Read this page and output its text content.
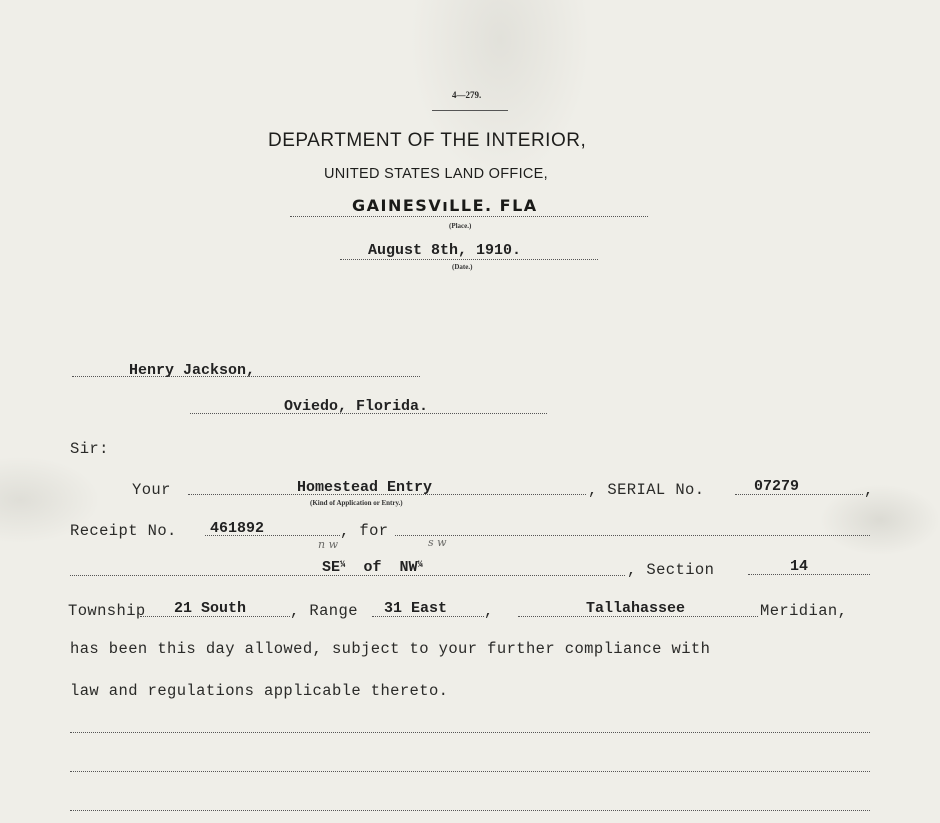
4—279.
DEPARTMENT OF THE INTERIOR,
UNITED STATES LAND OFFICE,
GAINESVıLLE. FLA
(Place.)
August 8th, 1910.
(Date.)
Henry Jackson,
Oviedo, Florida.
Sir:
Your	Homestead Entry
(Kind of Application or Entry.)
, SERIAL No.	07279	,
Receipt No. 461892	, for
n w	s w
$SE^{\frac{1}{4}}$ of $NW^{\frac{1}{4}}$	, Section	14
Township 21 South	, Range 31 East ,	Tallahassee	Meridian,
has been this day allowed, subject to your further compliance with
law and regulations applicable thereto.
